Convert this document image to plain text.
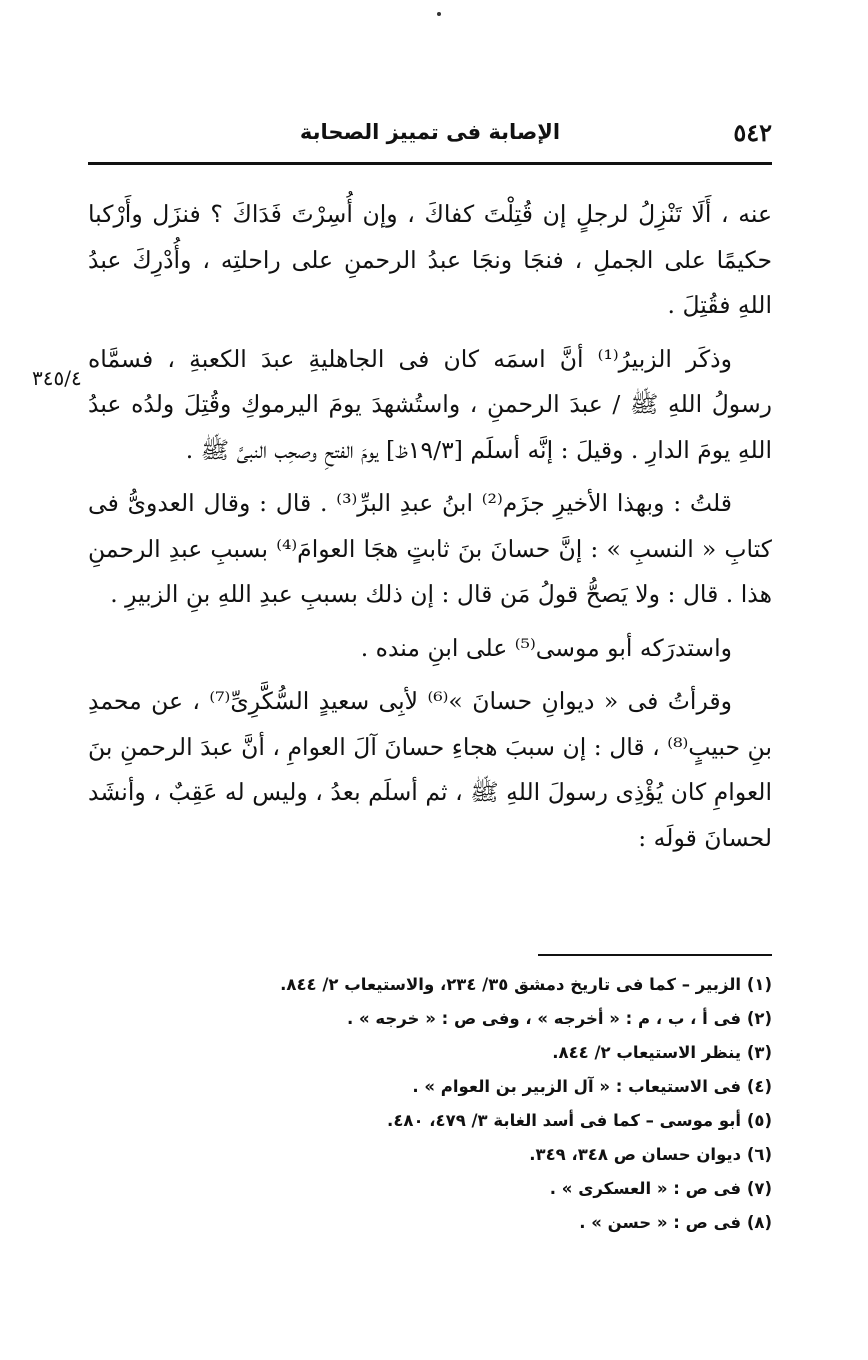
٥٤٢
الإصابة فى تمييز الصحابة
٣٤٥/٤

عنه ، أَلَا تَنْزِلُ لرجلٍ إن قُتِلْتَ كفاكَ ، وإن أُسِرْتَ فَدَاكَ ؟ فنزَل وأَرْكبا حكيمًا على الجملِ ، فنجَا ونجَا عبدُ الرحمنِ على راحلتِه ، وأُدْرِكَ عبدُ اللهِ فقُتِلَ .

وذكَر الزبيرُ⁽¹⁾ أنَّ اسمَه كان فى الجاهليةِ عبدَ الكعبةِ ، فسمَّاه رسولُ اللهِ ﷺ / عبدَ الرحمنِ ، واستُشهدَ يومَ اليرموكِ وقُتِلَ ولدُه عبدُ اللهِ يومَ الدارِ . وقيلَ : إنَّه أسلَم [١٩/٣ظ] يومَ الفتحِ وصحِب النبىَّ ﷺ .

قلتُ : وبهذا الأخيرِ جزَم⁽²⁾ ابنُ عبدِ البرِّ⁽³⁾ . قال : وقال العدوىُّ فى كتابِ « النسبِ » : إنَّ حسانَ بنَ ثابتٍ هجَا العوامَ⁽⁴⁾ بسببِ عبدِ الرحمنِ هذا . قال : ولا يَصحُّ قولُ مَن قال : إن ذلك بسببِ عبدِ اللهِ بنِ الزبيرِ .

واستدرَكه أبو موسى⁽⁵⁾ على ابنِ منده .

وقرأتُ فى « ديوانِ حسانَ »⁽⁶⁾ لأبِى سعيدٍ السُّكَّرِىِّ⁽⁷⁾ ، عن محمدِ بنِ حبيبٍ⁽⁸⁾ ، قال : إن سببَ هجاءِ حسانَ آلَ العوامِ ، أنَّ عبدَ الرحمنِ بنَ العوامِ كان يُؤْذِى رسولَ اللهِ ﷺ ، ثم أسلَم بعدُ ، وليس له عَقِبٌ ، وأنشَد لحسانَ قولَه :

(١) الزبير – كما فى تاريخ دمشق ٣٥/ ٢٣٤، والاستيعاب ٢/ ٨٤٤.
(٢) فى أ ، ب ، م : « أخرجه » ، وفى ص : « خرجه » .
(٣) ينظر الاستيعاب ٢/ ٨٤٤.
(٤) فى الاستيعاب : « آل الزبير بن العوام » .
(٥) أبو موسى – كما فى أسد الغابة ٣/ ٤٧٩، ٤٨٠.
(٦) ديوان حسان ص ٣٤٨، ٣٤٩.
(٧) فى ص : « العسكرى » .
(٨) فى ص : « حسن » .
